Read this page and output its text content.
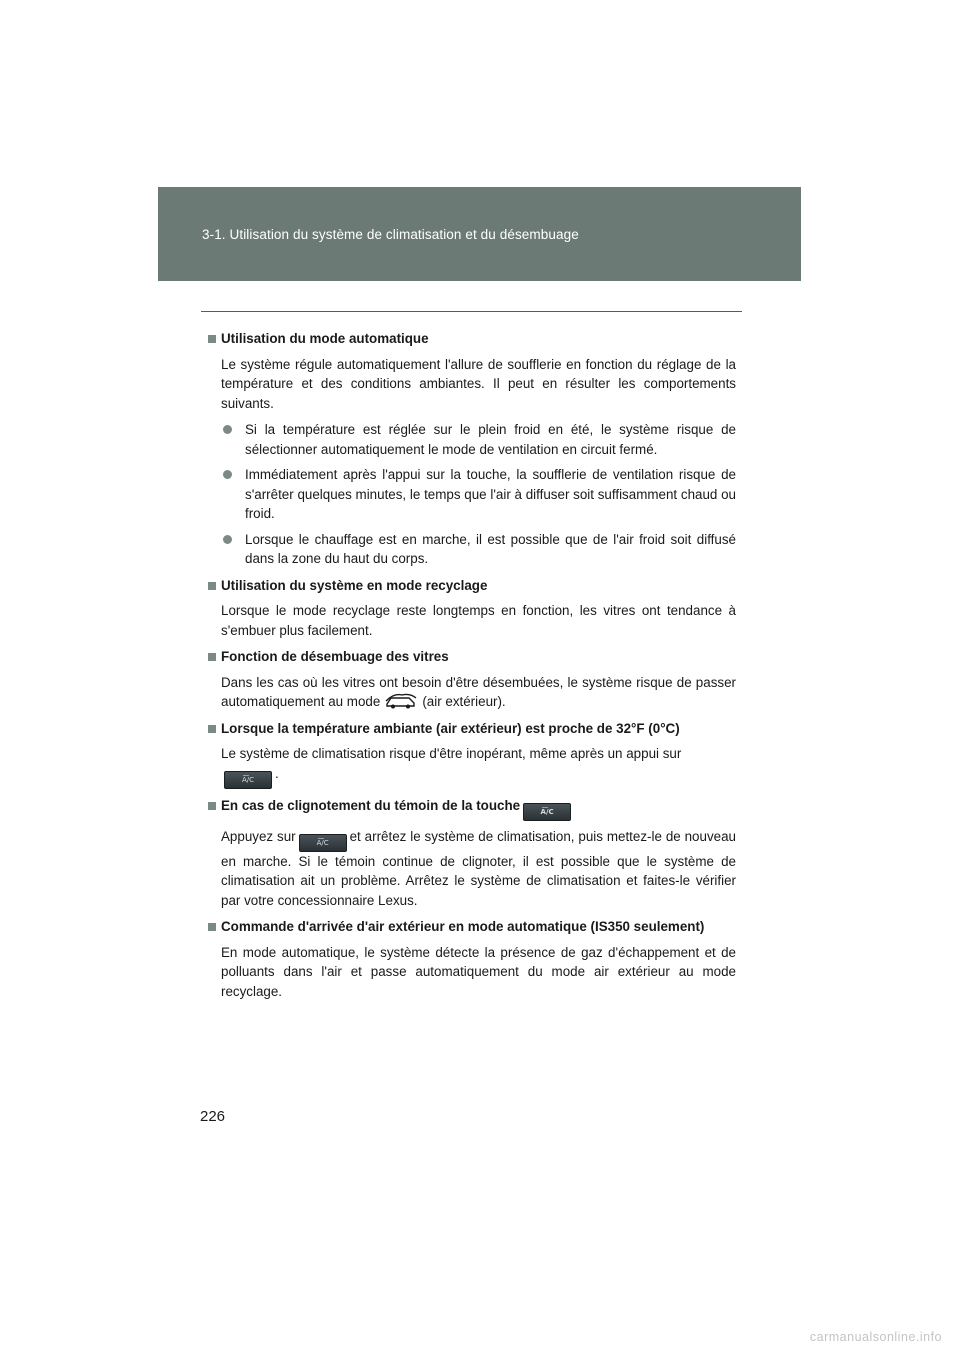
3-1. Utilisation du système de climatisation et du désembuage
Utilisation du mode automatique

Le système régule automatiquement l'allure de soufflerie en fonction du réglage de la température et des conditions ambiantes. Il peut en résulter les comportements suivants.

Si la température est réglée sur le plein froid en été, le système risque de sélectionner automatiquement le mode de ventilation en circuit fermé.
Immédiatement après l'appui sur la touche, la soufflerie de ventilation risque de s'arrêter quelques minutes, le temps que l'air à diffuser soit suffisamment chaud ou froid.
Lorsque le chauffage est en marche, il est possible que de l'air froid soit diffusé dans la zone du haut du corps.
Utilisation du système en mode recyclage

Lorsque le mode recyclage reste longtemps en fonction, les vitres ont tendance à s'embuer plus facilement.

Fonction de désembuage des vitres

Dans les cas où les vitres ont besoin d'être désembuées, le système risque de passer automatiquement au mode	(air extérieur).

Lorsque la température ambiante (air extérieur) est proche de 32°F (0°C)

Le système de climatisation risque d'être inopérant, même après un appui sur
A/C .

En cas de clignotement du témoin de la touche	A/C

Appuyez sur	A/C et arrêtez le système de climatisation, puis mettez-le de nouveau en marche. Si le témoin continue de clignoter, il est possible que le système de climatisation ait un problème. Arrêtez le système de climatisation et faites-le vérifier par votre concessionnaire Lexus.

Commande d'arrivée d'air extérieur en mode automatique (IS350 seulement)

En mode automatique, le système détecte la présence de gaz d'échappement et de polluants dans l'air et passe automatiquement du mode air extérieur au mode recyclage.

226
carmanualsonline.info
